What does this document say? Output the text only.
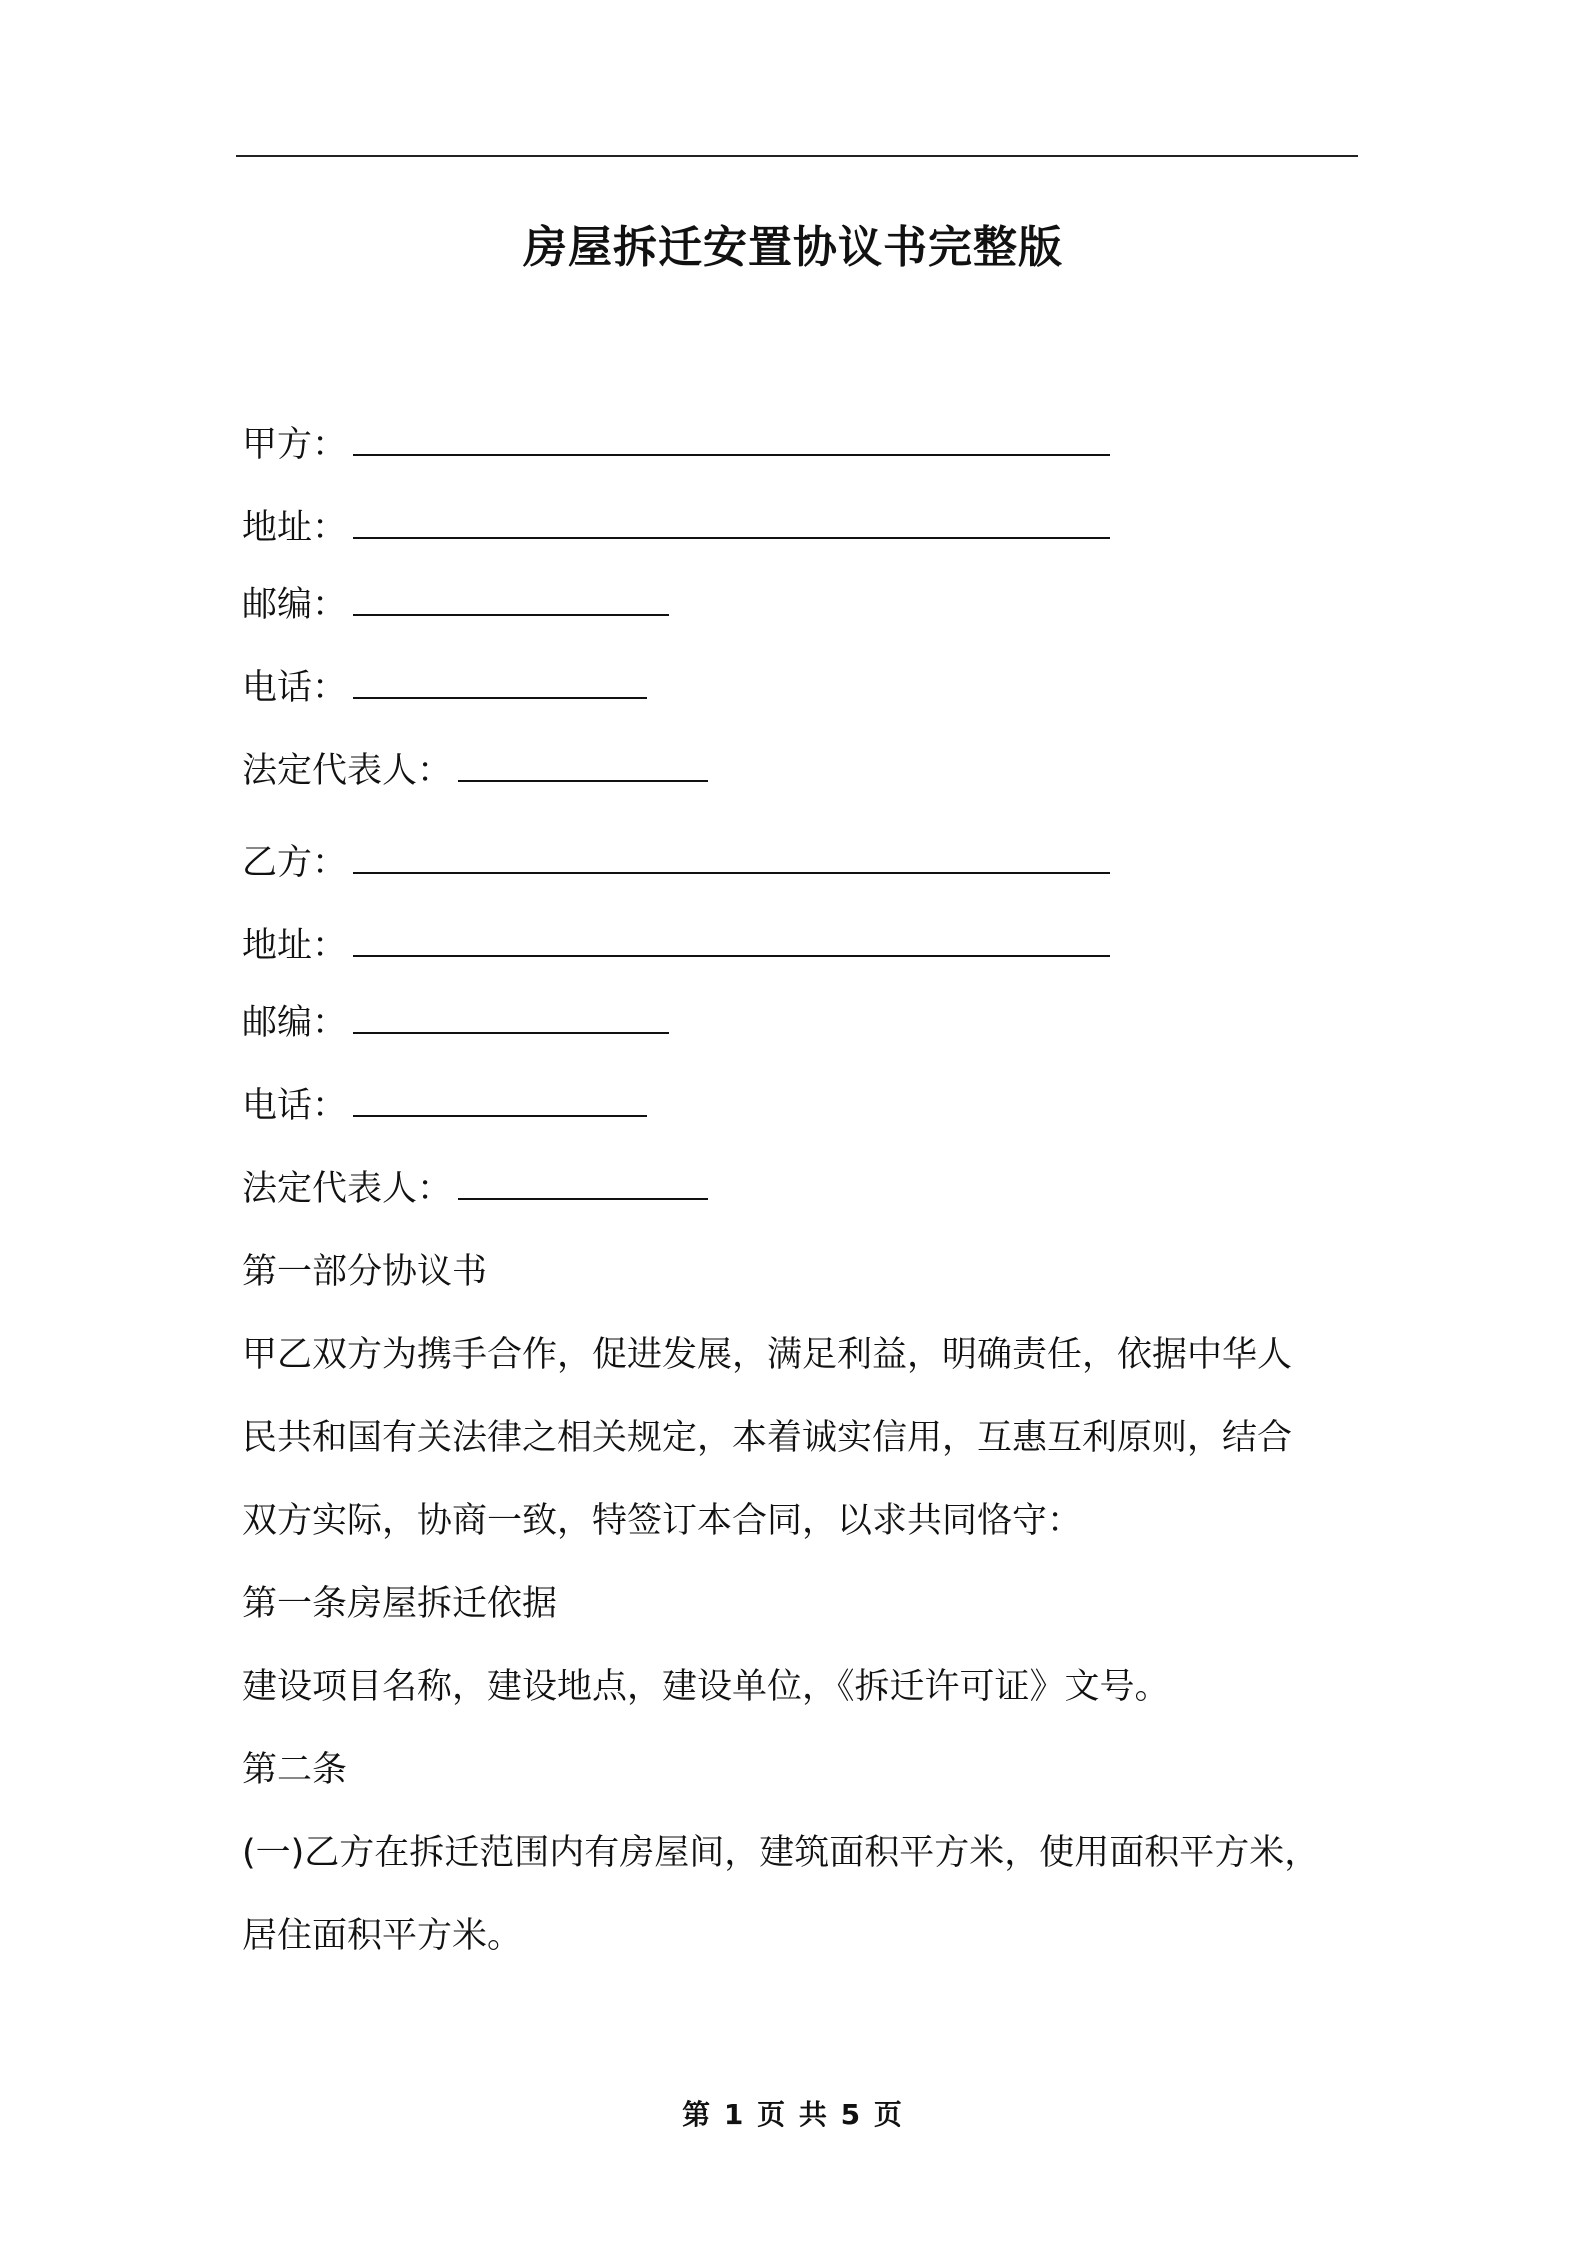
房屋拆迁安置协议书完整版
甲方：
地址：
邮编：
电话：
法定代表人：
乙方：
地址：
邮编：
电话：
法定代表人：

第一部分协议书

甲乙双方为携手合作，促进发展，满足利益，明确责任，依据中华人

民共和国有关法律之相关规定，本着诚实信用，互惠互利原则，结合

双方实际，协商一致，特签订本合同，以求共同恪守：

第一条房屋拆迁依据

建设项目名称，建设地点，建设单位，《拆迁许可证》文号。

第二条

(一)乙方在拆迁范围内有房屋间，建筑面积平方米，使用面积平方米，

居住面积平方米。

第 1 页 共 5 页
